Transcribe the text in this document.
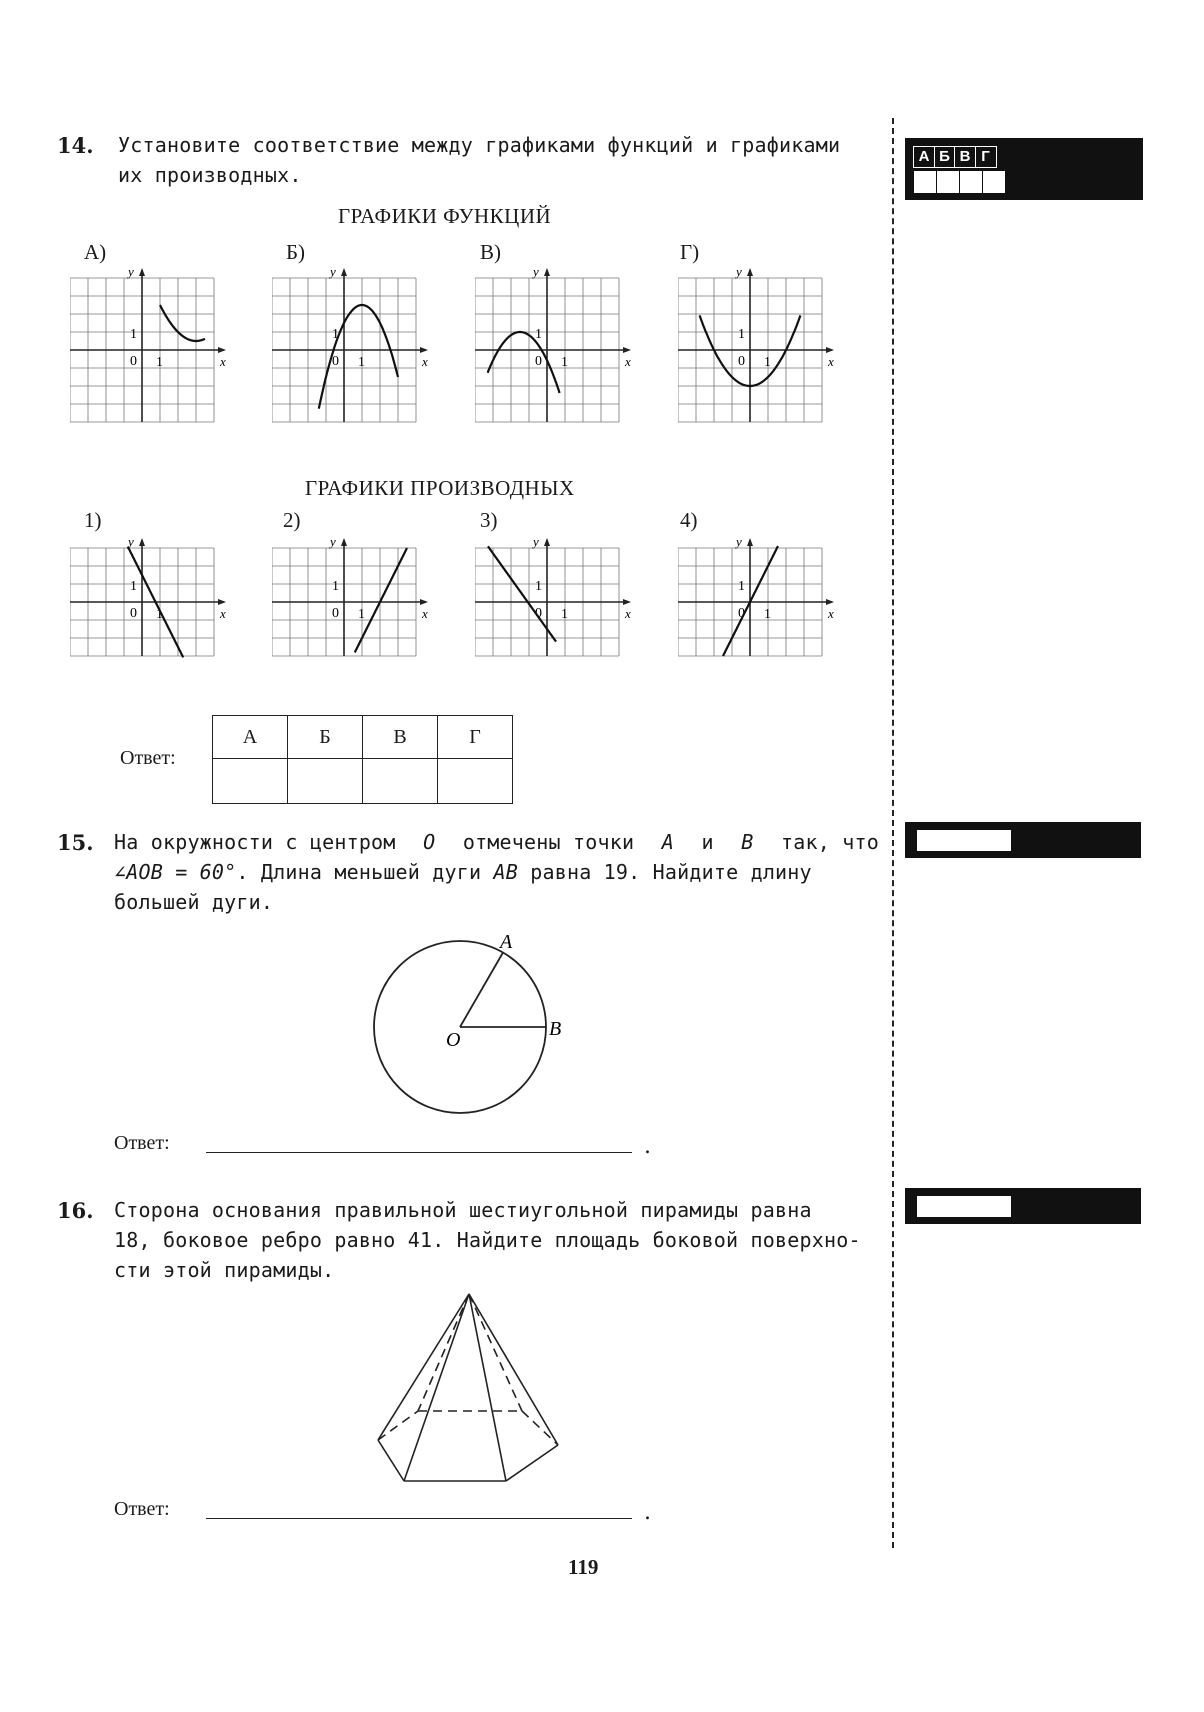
14. Установите соответствие между графиками функций и графиками
их производных.
А Б В Г
ГРАФИКИ ФУНКЦИЙ
А)	Б)	В)	Г)
x
y
0
1
1	x
y
0
1
1	x
y
0
1
1	x
y
0
1
1
ГРАФИКИ ПРОИЗВОДНЫХ
1)	2)	3)	4)
x
y
0
1
1	x
y
0
1
1	x
y
0
1
1	x
y
0
1
1
Ответ:
А	Б	В	Г

15. На окружности с центром O отмечены точки A и B так, что
∠AOB = 60°. Длина меньшей дуги AB равна 19. Найдите длину
большей дуги.
A
B
O
Ответ:	.
16. Сторона основания правильной шестиугольной пирамиды равна
18, боковое ребро равно 41. Найдите площадь боковой поверхно-
сти этой пирамиды.
Ответ:	.
119
